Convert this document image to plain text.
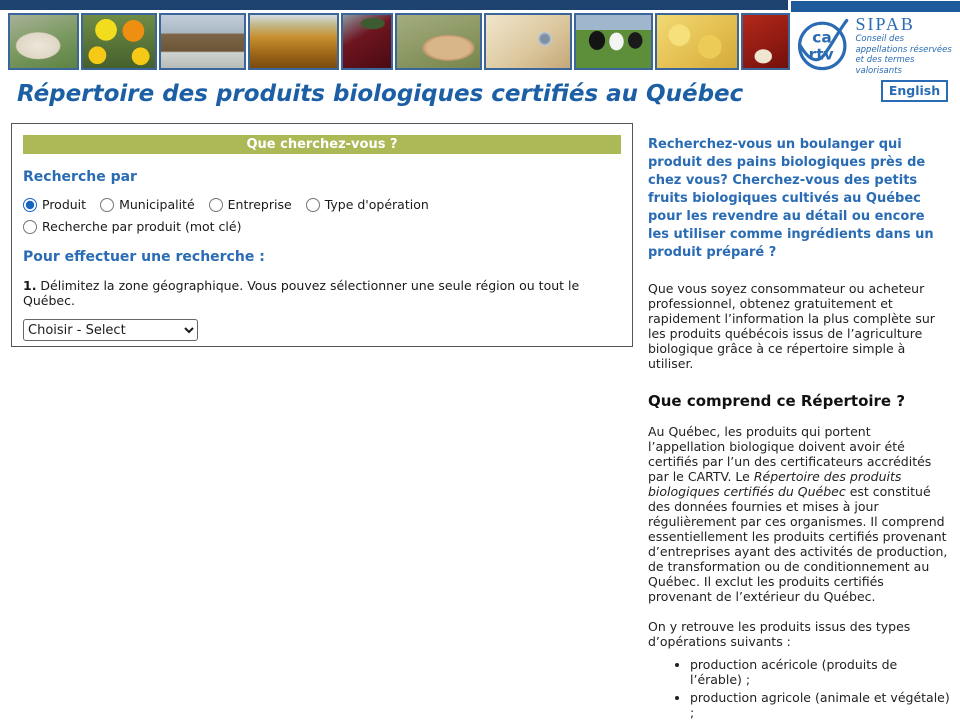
ca
rtv
SIPAB
Conseil des
appellations réservées
et des termes valorisants
Répertoire des produits biologiques certifiés au Québec	English
Que cherchez-vous ?
Recherche par
Produit	Municipalité	Entreprise	Type d'opération
Recherche par produit (mot clé)
Pour effectuer une recherche :
1. Délimitez la zone géographique. Vous pouvez sélectionner une seule région ou tout le Québec.
Choisir - Select

Recherchez-vous un boulanger qui produit des pains biologiques près de chez vous? Cherchez-vous des petits fruits biologiques cultivés au Québec pour les revendre au détail ou encore les utiliser comme ingrédients dans un produit préparé ?

Que vous soyez consommateur ou acheteur professionnel, obtenez gratuitement et rapidement l’information la plus complète sur les produits québécois issus de l’agriculture biologique grâce à ce répertoire simple à utiliser.

Que comprend ce Répertoire ?

Au Québec, les produits qui portent l’appellation biologique doivent avoir été certifiés par l’un des certificateurs accrédités par le CARTV. Le Répertoire des produits biologiques certifiés du Québec est constitué des données fournies et mises à jour régulièrement par ces organismes. Il comprend essentiellement les produits certifiés provenant d’entreprises ayant des activités de production, de transformation ou de conditionnement au Québec. Il exclut les produits certifiés provenant de l’extérieur du Québec.

On y retrouve les produits issus des types d’opérations suivants :

• production acéricole (produits de l’érable) ;
• production agricole (animale et végétale) ;
